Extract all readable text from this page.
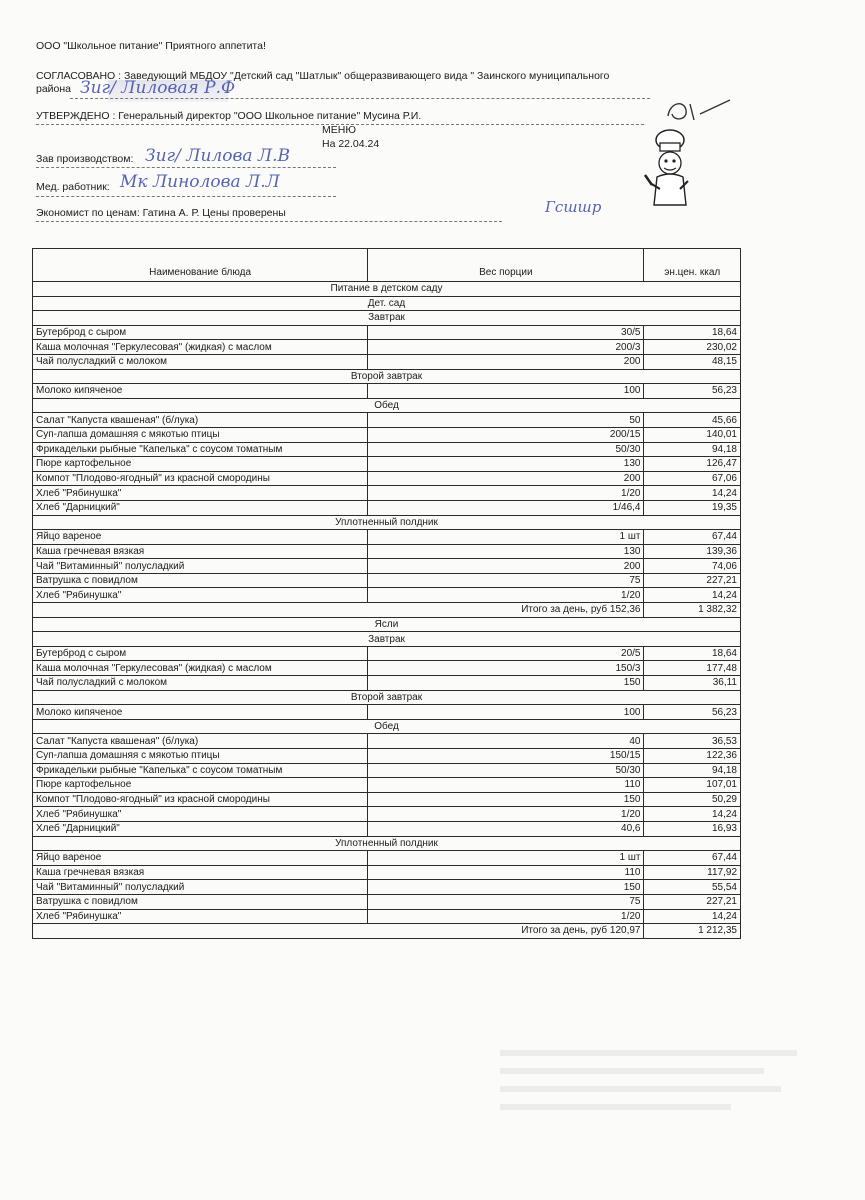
ООО "Школьное питание" Приятного аппетита!
СОГЛАСОВАНО : Заведующий МБДОУ "Детский сад "Шатлык" общеразвивающего вида " Заинского муниципального
района Зиг/ Лиловая Р.Ф
УТВЕРЖДЕНО : Генеральный директор "ООО Школьное питание" Мусина Р.И.
МЕНЮ
На 22.04.24
Зав производством: Зиг/ Лилова Л.В
Мед. работник: Мк Линолова Л.Л
Экономист по ценам: Гатина А. Р. Цены проверены	Гсшшр
Наименование блюда	Вес порции	эн.цен. ккал
Питание в детском саду		
Дет. сад		
Завтрак		
Бутерброд с сыром	30/5	18,64
Каша молочная "Геркулесовая" (жидкая) с маслом	200/3	230,02
Чай полусладкий с молоком	200	48,15
Второй завтрак		
Молоко кипяченое	100	56,23
Обед		
Салат "Капуста квашеная" (б/лука)	50	45,66
Суп-лапша домашняя с мякотью птицы	200/15	140,01
Фрикадельки рыбные "Капелька" с соусом томатным	50/30	94,18
Пюре картофельное	130	126,47
Компот "Плодово-ягодный" из красной смородины	200	67,06
Хлеб "Рябинушка"	1/20	14,24
Хлеб "Дарницкий"	1/46,4	19,35
Уплотненный полдник		
Яйцо вареное	1 шт	67,44
Каша гречневая вязкая	130	139,36
Чай "Витаминный" полусладкий	200	74,06
Ватрушка с повидлом	75	227,21
Хлеб "Рябинушка"	1/20	14,24
	Итого за день, руб 152,36	1 382,32
Ясли		
Завтрак		
Бутерброд с сыром	20/5	18,64
Каша молочная "Геркулесовая" (жидкая) с маслом	150/3	177,48
Чай полусладкий с молоком	150	36,11
Второй завтрак		
Молоко кипяченое	100	56,23
Обед		
Салат "Капуста квашеная" (б/лука)	40	36,53
Суп-лапша домашняя с мякотью птицы	150/15	122,36
Фрикадельки рыбные "Капелька" с соусом томатным	50/30	94,18
Пюре картофельное	110	107,01
Компот "Плодово-ягодный" из красной смородины	150	50,29
Хлеб "Рябинушка"	1/20	14,24
Хлеб "Дарницкий"	40,6	16,93
Уплотненный полдник		
Яйцо вареное	1 шт	67,44
Каша гречневая вязкая	110	117,92
Чай "Витаминный" полусладкий	150	55,54
Ватрушка с повидлом	75	227,21
Хлеб "Рябинушка"	1/20	14,24
	Итого за день, руб 120,97	1 212,35
